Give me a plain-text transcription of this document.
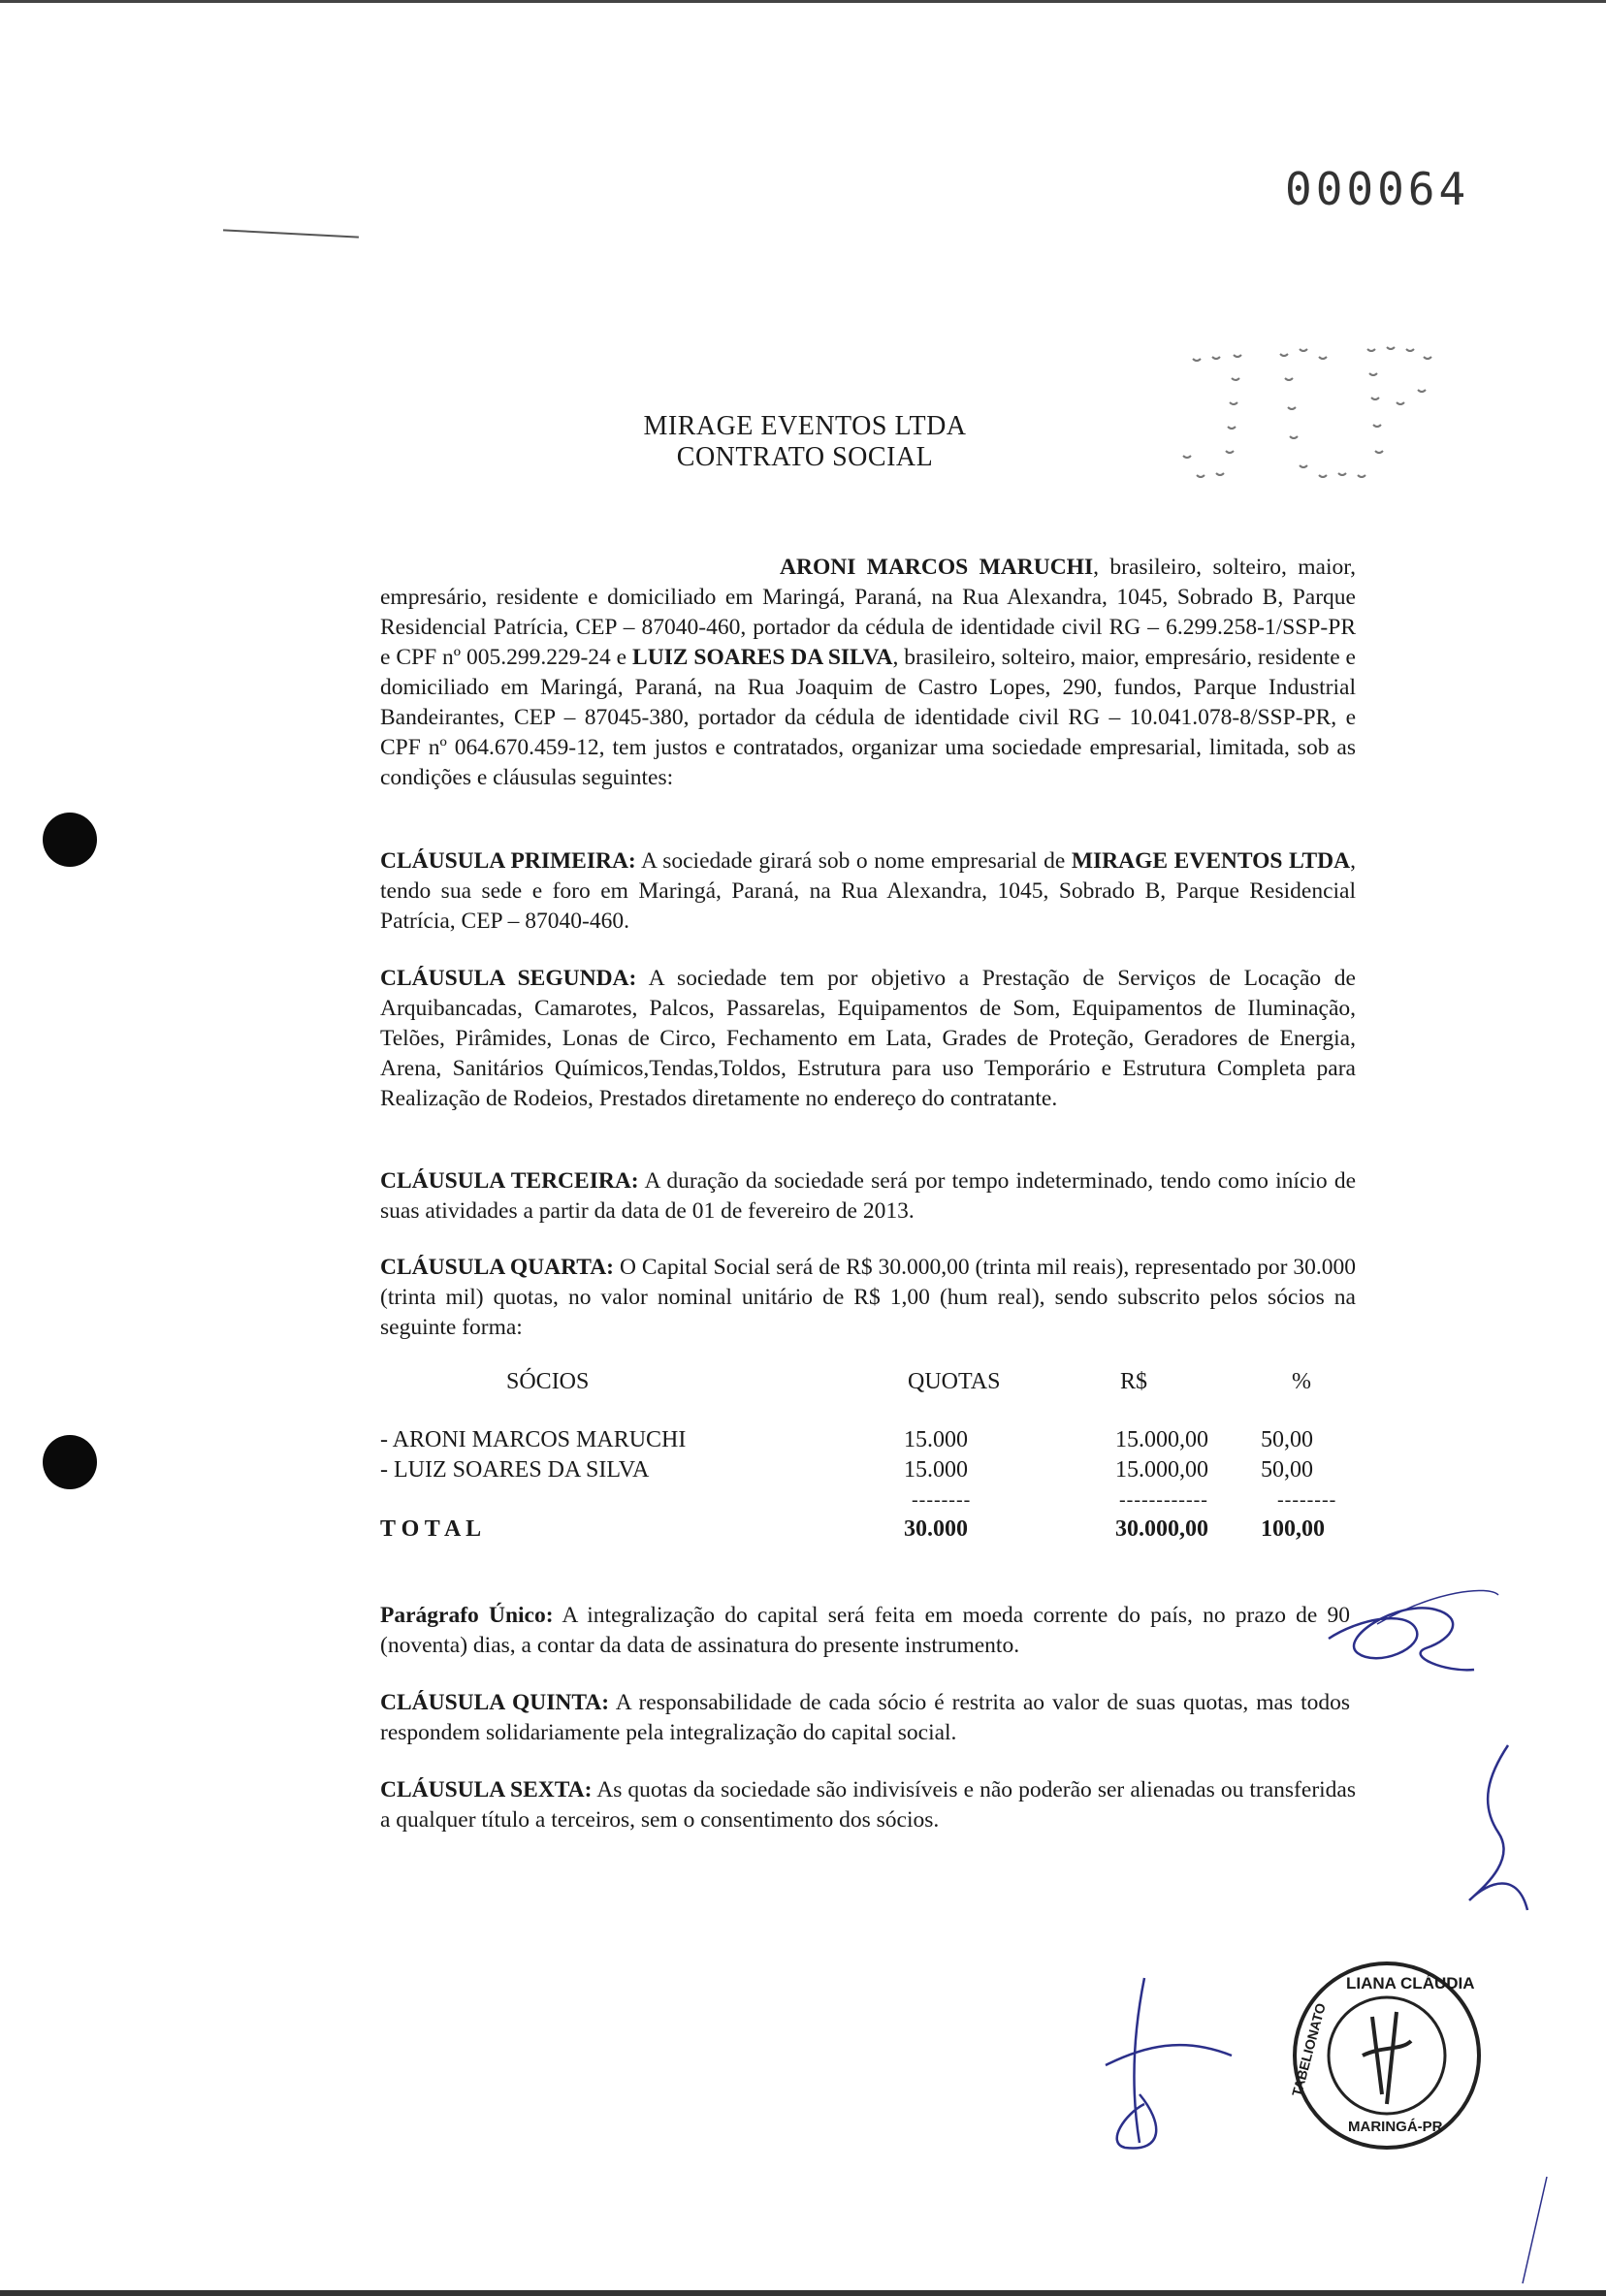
000064
MIRAGE EVENTOS LTDA
CONTRATO SOCIAL
ARONI MARCOS MARUCHI, brasileiro, solteiro, maior, empresário, residente e domiciliado em Maringá, Paraná, na Rua Alexandra, 1045, Sobrado B, Parque Residencial Patrícia, CEP – 87040-460, portador da cédula de identidade civil RG – 6.299.258-1/SSP-PR e CPF nº 005.299.229-24 e LUIZ SOARES DA SILVA, brasileiro, solteiro, maior, empresário, residente e domiciliado em Maringá, Paraná, na Rua Joaquim de Castro Lopes, 290, fundos, Parque Industrial Bandeirantes, CEP – 87045-380, portador da cédula de identidade civil RG – 10.041.078-8/SSP-PR, e CPF nº 064.670.459-12, tem justos e contratados, organizar uma sociedade empresarial, limitada, sob as condições e cláusulas seguintes:
CLÁUSULA PRIMEIRA: A sociedade girará sob o nome empresarial de MIRAGE EVENTOS LTDA, tendo sua sede e foro em Maringá, Paraná, na Rua Alexandra, 1045, Sobrado B, Parque Residencial Patrícia, CEP – 87040-460.
CLÁUSULA SEGUNDA: A sociedade tem por objetivo a Prestação de Serviços de Locação de Arquibancadas, Camarotes, Palcos, Passarelas, Equipamentos de Som, Equipamentos de Iluminação, Telões, Pirâmides, Lonas de Circo, Fechamento em Lata, Grades de Proteção, Geradores de Energia, Arena, Sanitários Químicos,Tendas,Toldos, Estrutura para uso Temporário e Estrutura Completa para Realização de Rodeios, Prestados diretamente no endereço do contratante.
CLÁUSULA TERCEIRA: A duração da sociedade será por tempo indeterminado, tendo como início de suas atividades a partir da data de 01 de fevereiro de 2013.
CLÁUSULA QUARTA: O Capital Social será de R$ 30.000,00 (trinta mil reais), representado por 30.000 (trinta mil) quotas, no valor nominal unitário de R$ 1,00 (hum real), sendo subscrito pelos sócios na seguinte forma:
SÓCIOS	QUOTAS	R$	%
- ARONI MARCOS MARUCHI	15.000	15.000,00 50,00
- LUIZ SOARES DA SILVA	15.000	15.000,00 50,00
--------	------------	--------
T O T A L	30.000	30.000,00 100,00
Parágrafo Único: A integralização do capital será feita em moeda corrente do país, no prazo de 90 (noventa) dias, a contar da data de assinatura do presente instrumento.
CLÁUSULA QUINTA: A responsabilidade de cada sócio é restrita ao valor de suas quotas, mas todos respondem solidariamente pela integralização do capital social.
CLÁUSULA SEXTA: As quotas da sociedade são indivisíveis e não poderão ser alienadas ou transferidas a qualquer título a terceiros, sem o consentimento dos sócios.
LIANA CLÁUDIA
TABELIONATO
MARINGÁ-PR
